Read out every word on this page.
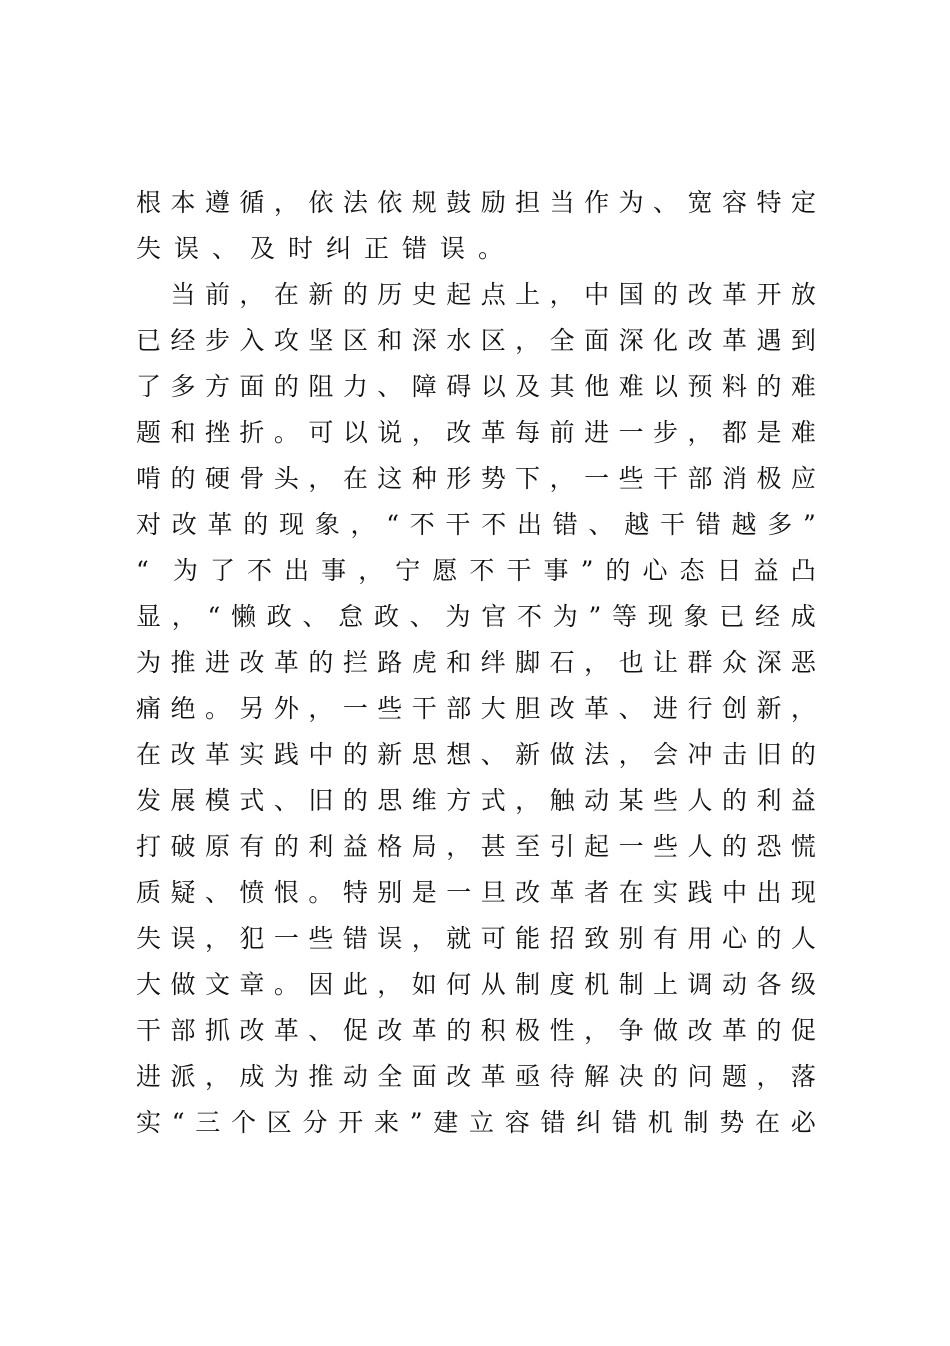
根 本 遵 循 ， 依 法 依 规 鼓 励 担 当 作 为 、 宽 容 特 定
失误、及时纠正错误。

当 前 ， 在 新 的 历 史 起 点 上 ， 中 国 的 改 革 开 放
已 经 步 入 攻 坚 区 和 深 水 区 ， 全 面 深 化 改 革 遇 到
了 多 方 面 的 阻 力 、 障 碍 以 及 其 他 难 以 预 料 的 难
题 和 挫 折 。 可 以 说 ， 改 革 每 前 进 一 步 ， 都 是 难
啃 的 硬 骨 头 ， 在 这 种 形 势 下 ， 一 些 干 部 消 极 应
对 改 革 的 现 象 ， “ 不 干 不 出 错 、 越 干 错 越 多 ”
“ 为 了 不 出 事 ， 宁 愿 不 干 事 ” 的 心 态 日 益 凸
显 ， “ 懒 政 、 怠 政 、 为 官 不 为 ” 等 现 象 已 经 成
为 推 进 改 革 的 拦 路 虎 和 绊 脚 石 ， 也 让 群 众 深 恶
痛 绝 。 另 外 ， 一 些 干 部 大 胆 改 革 、 进 行 创 新 ，
在 改 革 实 践 中 的 新 思 想 、 新 做 法 ， 会 冲 击 旧 的
发 展 模 式 、 旧 的 思 维 方 式 ， 触 动 某 些 人 的 利 益
打 破 原 有 的 利 益 格 局 ， 甚 至 引 起 一 些 人 的 恐 慌
质 疑 、 愤 恨 。 特 别 是 一 旦 改 革 者 在 实 践 中 出 现
失 误 ， 犯 一 些 错 误 ， 就 可 能 招 致 别 有 用 心 的 人
大 做 文 章 。 因 此 ， 如 何 从 制 度 机 制 上 调 动 各 级
干 部 抓 改 革 、 促 改 革 的 积 极 性 ， 争 做 改 革 的 促
进 派 ， 成 为 推 动 全 面 改 革 亟 待 解 决 的 问 题 ， 落
实 “ 三 个 区 分 开 来 ” 建 立 容 错 纠 错 机 制 势 在 必
